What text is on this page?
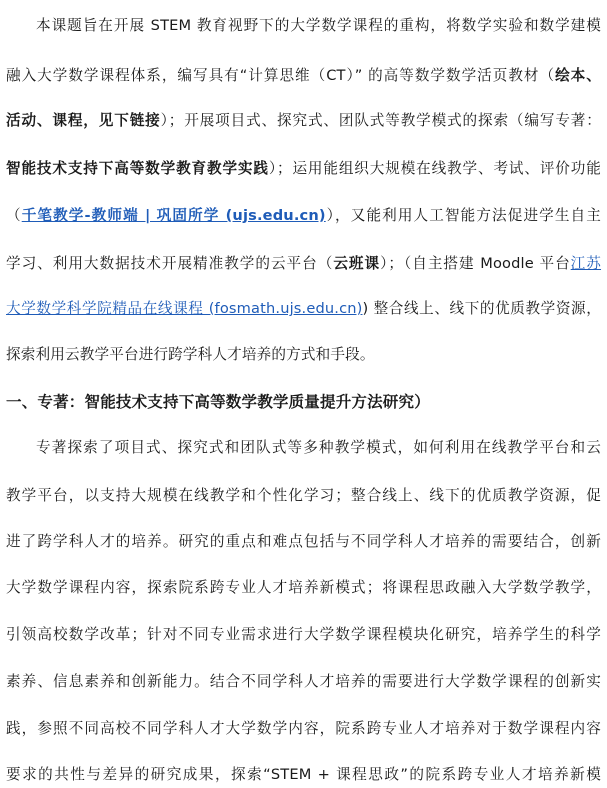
本课题旨在开展 STEM 教育视野下的大学数学课程的重构，将数学实验和数学建模
融入大学数学课程体系，编写具有“计算思维（CT）” 的高等数学数学活页教材（绘本、
活动、课程，见下链接）；开展项目式、探究式、团队式等教学模式的探索（编写专著：
智能技术支持下高等数学教育教学实践）；运用能组织大规模在线教学、考试、评价功能
（千笔教学-教师端 | 巩固所学 (ujs.edu.cn)），又能利用人工智能方法促进学生自主
学习、利用大数据技术开展精准教学的云平台（云班课）；（自主搭建 Moodle 平台江苏
大学数学科学院精品在线课程 (fosmath.ujs.edu.cn)) 整合线上、线下的优质教学资源，
探索利用云教学平台进行跨学科人才培养的方式和手段。
一、专著：智能技术支持下高等数学教学质量提升方法研究）
专著探索了项目式、探究式和团队式等多种教学模式，如何利用在线教学平台和云
教学平台，以支持大规模在线教学和个性化学习；整合线上、线下的优质教学资源，促
进了跨学科人才的培养。研究的重点和难点包括与不同学科人才培养的需要结合，创新
大学数学课程内容，探索院系跨专业人才培养新模式；将课程思政融入大学数学教学，
引领高校数学改革；针对不同专业需求进行大学数学课程模块化研究，培养学生的科学
素养、信息素养和创新能力。结合不同学科人才培养的需要进行大学数学课程的创新实
践，参照不同高校不同学科人才大学数学内容，院系跨专业人才培养对于数学课程内容
要求的共性与差异的研究成果，探索“STEM + 课程思政”的院系跨专业人才培养新模
